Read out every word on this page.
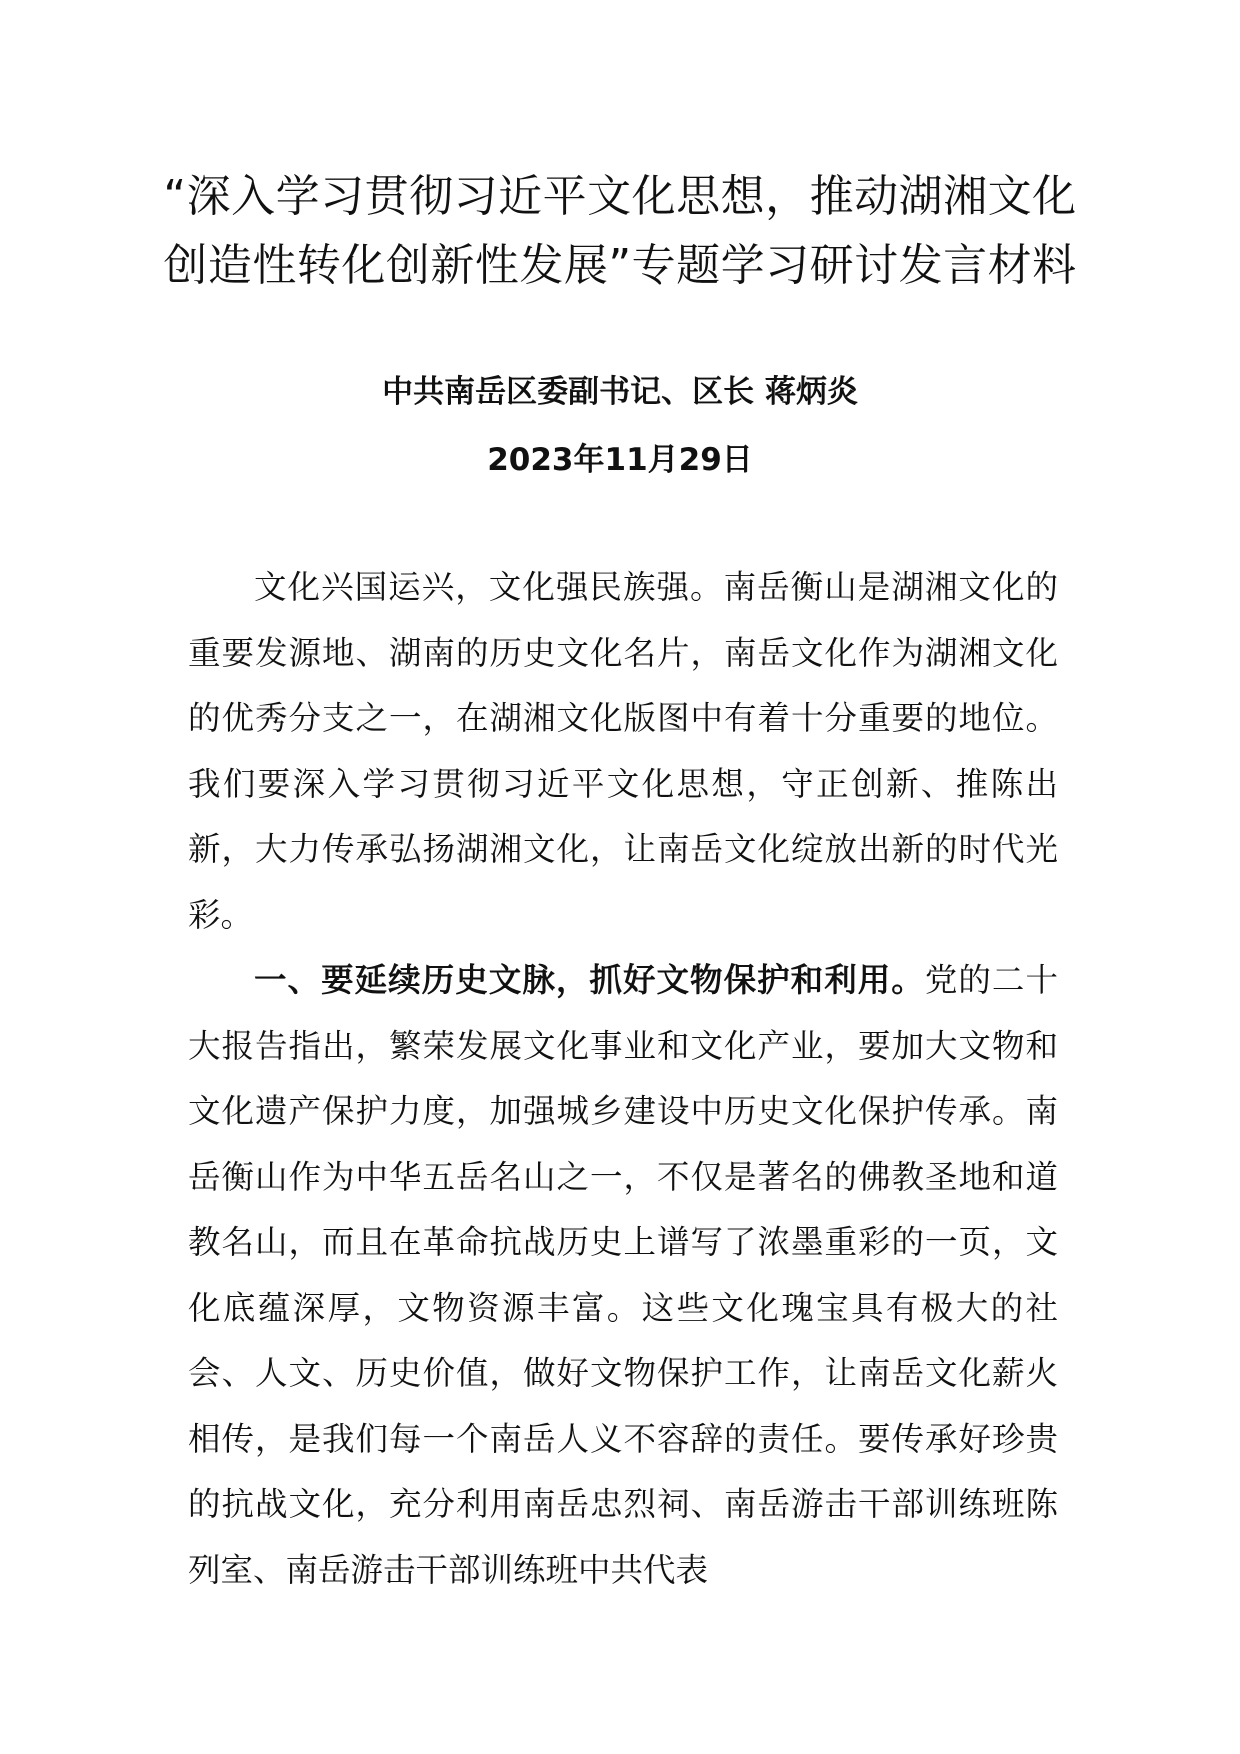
“深入学习贯彻习近平文化思想，推动湖湘文化创造性转化创新性发展”专题学习研讨发言材料
中共南岳区委副书记、区长 蒋炳炎
2023年11月29日

文化兴国运兴，文化强民族强。南岳衡山是湖湘文化的重要发源地、湖南的历史文化名片，南岳文化作为湖湘文化的优秀分支之一，在湖湘文化版图中有着十分重要的地位。我们要深入学习贯彻习近平文化思想，守正创新、推陈出新，大力传承弘扬湖湘文化，让南岳文化绽放出新的时代光彩。

一、要延续历史文脉，抓好文物保护和利用。党的二十大报告指出，繁荣发展文化事业和文化产业，要加大文物和文化遗产保护力度，加强城乡建设中历史文化保护传承。南岳衡山作为中华五岳名山之一，不仅是著名的佛教圣地和道教名山，而且在革命抗战历史上谱写了浓墨重彩的一页，文化底蕴深厚，文物资源丰富。这些文化瑰宝具有极大的社会、人文、历史价值，做好文物保护工作，让南岳文化薪火相传，是我们每一个南岳人义不容辞的责任。要传承好珍贵的抗战文化，充分利用南岳忠烈祠、南岳游击干部训练班陈列室、南岳游击干部训练班中共代表
